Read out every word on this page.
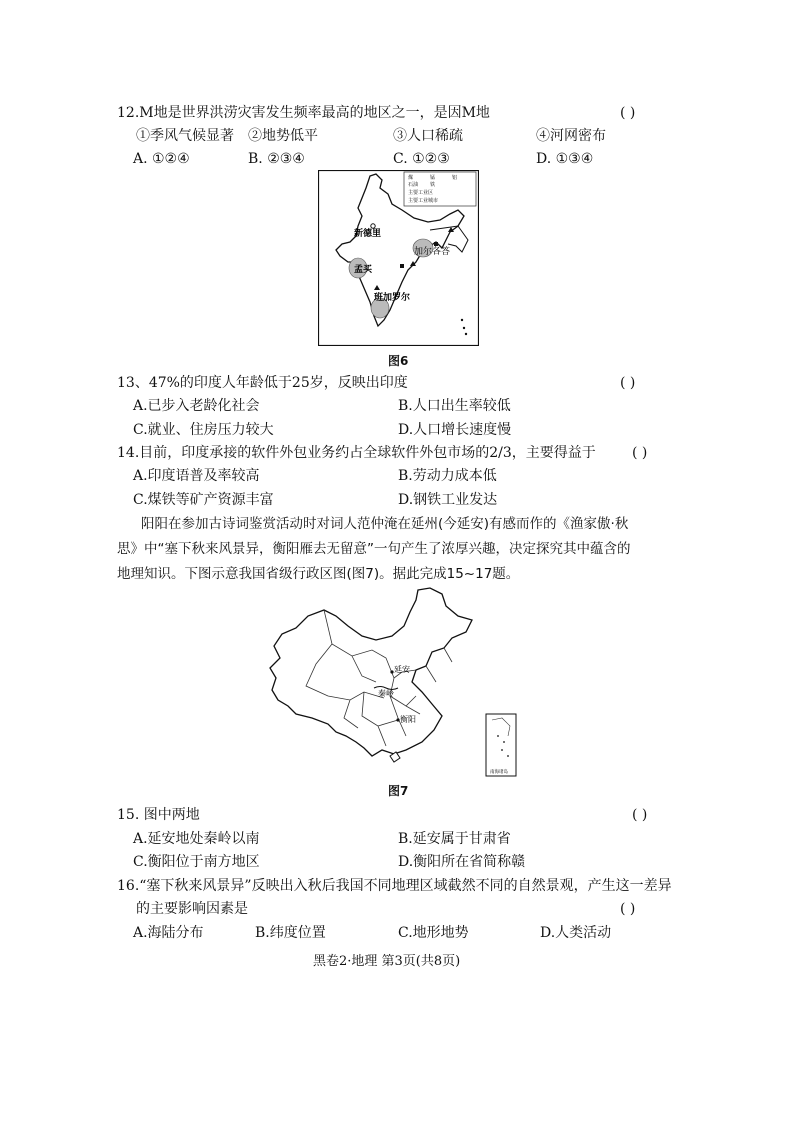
12.M地是世界洪涝灾害发生频率最高的地区之一，是因M地	( )
①季风气候显著 ②地势低平	③人口稀疏	④河网密布
A. ①②④	B. ②③④	C. ①②③	D. ①③④
煤	锰	铝
石油 铁
主要工业区
主要工业城市
新德里
加尔各答
孟买
班加罗尔
图6
13、47%的印度人年龄低于25岁，反映出印度	( )
A.已步入老龄化社会	B.人口出生率较低
C.就业、住房压力较大	D.人口增长速度慢
14.目前，印度承接的软件外包业务约占全球软件外包市场的2/3，主要得益于	( )
A.印度语普及率较高	B.劳动力成本低
C.煤铁等矿产资源丰富	D.钢铁工业发达
阳阳在参加古诗词鉴赏活动时对词人范仲淹在延州(今延安)有感而作的《渔家傲·秋
思》中“塞下秋来风景异，衡阳雁去无留意”一句产生了浓厚兴趣，决定探究其中蕴含的
地理知识。下图示意我国省级行政区图(图7)。据此完成15~17题。
延安
秦岭
衡阳
南海诸岛
图7
15. 图中两地	( )
A.延安地处秦岭以南	B.延安属于甘肃省
C.衡阳位于南方地区	D.衡阳所在省简称赣
16.“塞下秋来风景异”反映出入秋后我国不同地理区域截然不同的自然景观，产生这一差异
的主要影响因素是	( )
A.海陆分布	B.纬度位置	C.地形地势	D.人类活动
黑卷2·地理 第3页(共8页)
